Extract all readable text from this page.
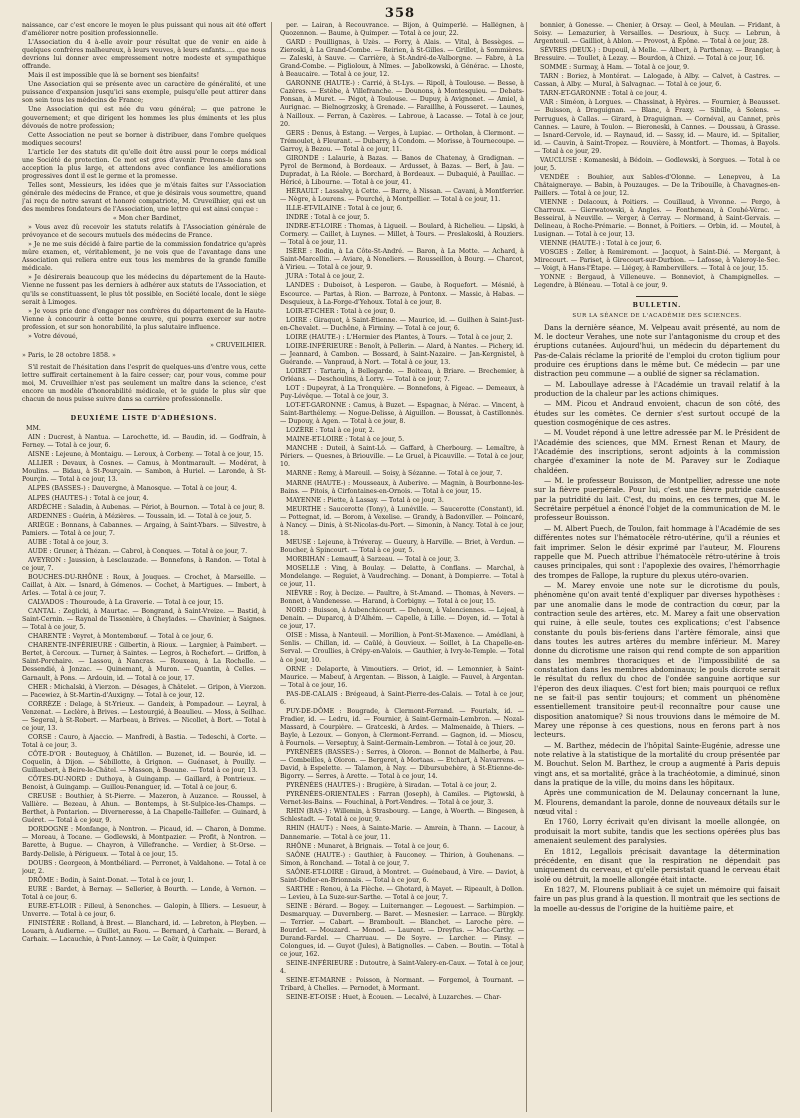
358

naissance, car c'est encore le moyen le plus puissant qui nous ait été offert d'améliorer notre position professionnelle.

L'Association du 4 à-elle avoir pour résultat que de venir en aide à quelques confrères malheureux, à leurs veuves, à leurs enfants..... que nous devrions lui donner avec empressement notre modeste et sympathique offrande.

Mais il est impossible que là se bornent ses bienfaits!

Une Association qui se présente avec un caractère de généralité, et une puissance d'expansion jusqu'ici sans exemple, puisqu'elle peut attirer dans son sein tous les médecins de France;

Une Association qui est née du vœu général; — que patrone le gouvernement; et que dirigent les hommes les plus éminents et les plus dévoués de notre profession;

Cette Association ne peut se borner à distribuer, dans l'ombre quelques modiques secours!

L'article 1er des statuts dit qu'elle doit être aussi pour le corps médical une Société de protection. Ce mot est gros d'avenir. Prenons-le dans son acception la plus large, et attendons avec confiance les améliorations progressives dont il est le germe et la promesse.

Telles sont, Messieurs, les idées que je m'étais faites sur l'Association générale des médecins de France, et que je désirais vous soumettre, quand j'ai reçu de notre savant et honoré compatriote, M. Cruveilhier, qui est un des membres fondateurs de l'Association, une lettre qui est ainsi conçue :

« Mon cher Bardinet,

» Vous avez dû recevoir les statuts relatifs à l'Association générale de prévoyance et de secours mutuels des médecins de France.

» Je ne me suis décidé à faire partie de la commission fondatrice qu'après mûre examen, et, véritablement, je ne vois que de l'avantage dans une Association qui reliera entre eux tous les membres de la grande famille médicale.

» Je désirerais beaucoup que les médecins du département de la Haute-Vienne ne fussent pas les derniers à adhérer aux statuts de l'Association, et qu'ils se constituassent, le plus tôt possible, en Société locale, dont le siège serait à Limoges.

» Je vous prie donc d'engager nos confrères du département de la Haute-Vienne à concourir à cette bonne œuvre, qui pourra exercer sur notre profession, et sur son honorabilité, la plus salutaire influence.

» Votre dévoué,

» CRUVEILHIER.
» Paris, le 28 octobre 1858. »

S'il restait de l'hésitation dans l'esprit de quelques-uns d'entre vous, cette lettre suffirait certainement à la faire cesser; car, pour vous, comme pour moi, M. Cruveilhier n'est pas seulement un maître dans la science, c'est encore un modèle d'honorabilité médicale, et le guide le plus sûr que chacun de nous puisse suivre dans sa carrière professionnelle.

DEUXIÈME LISTE D'ADHÉSIONS.
MM.

AIN : Ducrest, à Nantua. — Larochette, id. — Baudin, id. — Godfrain, à Ferney. — Total à ce jour, 6.

AISNE : Lejeune, à Montaigu. — Leroux, à Corbeny. — Total à ce jour, 15.

ALLIER : Devaux, à Cosnes. — Camus, à Montmarault. — Modérat, à Moulins. — Bidau, à St-Pourçain. — Sambon, à Huriel. — Laronde, à St-Pourçin. — Total à ce jour, 13.

ALPES (BASSES-) : Dauvergne, à Manosque. — Total à ce jour, 4.

ALPES (HAUTES-) : Total à ce jour, 4.

ARDÈCHE : Saladin, à Aubenas. — Périot, à Bournon. — Total à ce jour, 8.

ARDENNES : Guérin, à Mézières. — Toussain, id. — Total à ce jour, 5.

ARIÈGE : Bonnans, à Cabannes. — Argaing, à Saint-Ybars. — Silvestre, à Pamiers. — Total à ce jour, 7.

AUBE : Total à ce jour, 3.

AUDE : Gruner, à Thézan. — Cabrol, à Conques. — Total à ce jour, 7.

AVEYRON : Jaussion, à Lesclauzade. — Bonnefons, à Randon. — Total à ce jour, 7.

BOUCHES-DU-RHÔNE : Roux, à Jouques. — Crochet, à Marseille. — Caillat, à Aix. — Isnard, à Gémenos. — Cochet, à Martigues. — Imbert, à Arles. — Total à ce jour, 7.

CALVADOS : Thouroude, à La Graverie. — Total à ce jour, 15.

CANTAL : Zeglicki, à Maurtac. — Bongrand, à Saint-Vreize. — Bastid, à Saint-Cernin. — Raynal de Tissonière, à Cheylades. — Chavinier, à Saignes. — Total à ce jour, 5.

CHARENTE : Veyret, à Montembœuf. — Total à ce jour, 6.

CHARENTE-INFÉRIEURE : Gilbertin, à Rioux. — Largnier, à Paimbert. — Bertet, à Cercoux. — Turner, à Saintes. — Legros, à Rochefort. — Griffon, à Saint-Porchaire. — Lassou, à Nancras. — Rouxeau, à La Rochelle. — Dessendié, à Jonzac. — Quinemant, à Muron. — Quantin, à Celles. — Garnault, à Pons. — Ardouin, id. — Total à ce jour, 17.

CHER : Michalski, à Vierzon. — Désages, à Châtelet. — Gripon, à Vierzon. — Pacewiez, à St-Martin-d'Auxigny. — Total à ce jour, 12.

CORRÈZE : Delage, à St-Yrieux. — Gandeix, à Pompadour. — Leyral, à Venzenat. — Leclère, à Brives. — Lestourgié, à Beaulieu. — Moss, à Seilhac. — Segeral, à St-Robert. — Marbeau, à Brives. — Nicollet, à Bort. — Total à ce jour, 13.

CORSE : Cauro, à Ajaccio. — Manfredi, à Bastia. — Tedeschi, à Corte. — Total à ce jour, 3.

CÔTE-D'OR : Bouteguoy, à Châtillon. — Buzenet, id. — Bourée, id. — Coquelin, à Dijon. — Sébillotte, à Grignon. — Guénaset, à Pouilly. — Guillaubert, à Beire-le-Châtel. — Masson, à Beaune. — Total à ce jour, 13.

CÔTES-DU-NORD : Duthoya, à Guingamp. — Gaillard, à Pontrieux. — Benoist, à Guingamp. — Guillou-Penanguer, id. — Total à ce jour, 6.

CREUSE : Bouthier, à St-Pierre. — Mazeron, à Auzance. — Roussel, à Vallière. — Bezeau, à Ahun. — Bontemps, à St-Sulpice-les-Champs. — Berthet, à Pontarion. — Diverneresse, à La Chapelle-Taillefer. — Guinard, à Guéret. — Total à ce jour, 9.

DORDOGNE : Monfange, à Nontron. — Picaud, id. — Charon, à Domme. — Moreau, à Tocane. — Godlewski, à Montpazier. — Profit, à Nontron. — Barette, à Bugue. — Chayron, à Villefranche. — Verdier, à St-Orse. — Bardy-Delisle, à Périgueux. — Total à ce jour, 15.

DOUBS : Georgeon, à Montbéliard. — Perronet, à Valdahone. — Total à ce jour, 2.

DRÔME : Bodin, à Saint-Donat. — Total à ce jour, 1.

EURE : Bardet, à Bernay. — Sellerier, à Bourth. — Londe, à Vernon. — Total à ce jour, 6.

EURE-ET-LOIR : Filleul, à Senonches. — Galopin, à Illiers. — Lesueur, à Unverre. — Total à ce jour, 6.

FINISTÈRE : Rolland, à Brest. — Blanchard, id. — Lebreton, à Pleyben. — Louarn, à Audierne. — Guillet, au Faou. — Bernard, à Carhaix. — Berard, à Carhaix. — Lacauchie, à Pont-Lannoy. — Le Caër, à Quimper.

per. — Lairan, à Recouvrance. — Bijon, à Quimperlé. — Hallégnen, à Quozennon. — Baume, à Quimper. — Total à ce jour, 22.

GARD : Pouillignas, à Uzès. — Forry, à Alais. — Vital, à Bessèges. — Zieroski, à La Grand-Combe. — Reirien, à St-Gilles. — Grillot, à Sommières. — Zaleski, à Sauve. — Carrière, à St-André-de-Valborgne. — Fabre, à La Grand-Combe. — Piglioloux, à Nîmes. — Jabolkowski, à Générac. — Lhoste, à Beaucaire. — Total à ce jour, 12.

GARONNE (HAUTE-) : Carrié, à St-Lys. — Ripoll, à Toulouse. — Besse, à Cazères. — Estèbe, à Villefranche. — Dounons, à Montesquieu. — Debats-Ponsan, à Muret. — Pégot, à Toulouse. — Dupuy, à Avignonet. — Amiel, à Aurignac. — Bielnogrzosky, à Grenade. — Faraillhe, à Fousseret. — Launes, à Nailloux. — Ferran, à Cazères. — Labroue, à Lacasse. — Total à ce jour, 20.

GERS : Denus, à Estang. — Verges, à Lupiac. — Ortholan, à Clermont. — Trémoulet, à Fleurant. — Dubarry, à Condom. — Morisse, à Tournecoupe. — Garroy, à Bezou. — Total à ce jour, 11.

GIRONDE : Lalaurie, à Bazas. — Banos de Chatenay, à Gradignan. — Pyrol de Bermond, à Bordeaux. — Ardusset, à Bazas. — Berl, à Jau. — Dupradat, à La Réole. — Borchard, à Bordeaux. — Dubaquié, à Pauillac. — Héricé, à Libourne. — Total à ce jour, 41.

HÉRAULT : Lassalvy, à Cette. — Barre, à Nissan. — Cavani, à Montferrier. — Nègre, à Lourens. — Pourché, à Montpellier. — Total à ce jour, 11.

ILLE-ET-VILAINE : Total à ce jour, 6.

INDRE : Total à ce jour, 5.

INDRE-ET-LOIRE : Thomas, à Ligueil. — Boulard, à Richelieu. — Lipski, à Cormery. — Caillet, à Luynes. — Millet, à Tours. — Preslakoski, à Rouziers. — Total à ce jour, 11.

ISÈRE : Rodin, à La Côte-St-André. — Baron, à La Motte. — Achard, à Saint-Marcellin. — Aviare, à Noneliers. — Rousseillon, à Bourg. — Charcot, à Virieu. — Total à ce jour, 9.

JURA : Total à ce jour, 2.

LANDES : Duboisot, à Lesperon. — Gaube, à Roquefort. — Mésnié, à Escource. — Partas, à Rion. — Barroze, à Pontonx. — Massic, à Habas. — Desquieux, à La-Forge-d'Yehoux. Total à ce jour, 8.

LOIR-ET-CHER : Total à ce jour, 0.

LOIRE : Giraquot, à Saint-Étienne. — Maurice, id. — Guilhen à Saint-Just-en-Chevalet. — Duchêne, à Firminy. — Total à ce jour, 6.

LOIRE (HAUTE-) : L'Hermier des Plantes, à Tours. — Total à ce jour, 2.

LOIRE-INFÉRIEURE : Benoît, à Pellerin. — Alard, à Nantes. — Pichery, id. — Jeannard, à Cambon. — Bossard, à Saint-Nazaire. — Jan-Kergnistel, à Guérande. — Vanpraud, à Nort. — Total à ce jour, 13.

LOIRET : Tartarin, à Bellegarde. — Boiteau, à Briare. — Brechemier, à Orléans. — Deschoulins, à Lorry. — Total à ce jour, 7.

LOT : Dupeyrat, à La Tronquière. — Bonnefons, à Figeac. — Demeaux, à Puy-Lévêque. — Total à ce jour, 3.

LOT-ET-GARONNE : Camus, à Buzet. — Espagnac, à Nérac. — Vincent, à Saint-Barthélemy. — Nogue-Delisse, à Aiguillon. — Boussat, à Castillonnès. — Dupouy, à Agen. — Total à ce jour, 8.

LOZÈRE : Total à ce jour, 2.

MAINE-ET-LOIRE : Total à ce jour, 5.

MANCHE : Duteil, à Saint-Lô. — Gaffard, à Cherbourg. — Lemaître, à Périers. — Quesnes, à Briouville. — Le Gruel, à Picauville. — Total à ce jour, 10.

MARNE : Remy, à Mareuil. — Soisy, à Sézanne. — Total à ce jour, 7.

MARNE (HAUTE-) : Mousseaux, à Auberive. — Magnin, à Bourbonne-les-Bains. — Pitois, à Cirfontaines-en-Ornois. — Total à ce jour, 15.

MAYENNE : Piette, à Lassay. — Total à ce jour, 3.

MEURTHE : Saucerotte (Tony), à Lunéville. — Saucerotte (Constant), id. — Pottegnat, id. — Borom, à Vexelise. — Grandy, à Badonviller. — Poincaré, à Nancy. — Dinis, à St-Nicolas-du-Port. — Simonin, à Nancy. Total à ce jour, 18.

MEUSE : Lejeune, à Tréveray. — Gueury, à Harville. — Briet, à Verdun. — Boucher, à Spincourt. — Total à ce jour, 5.

MORBIHAN : Lemauff, à Sarzeau. — Total à ce jour, 3.

MOSELLE : Vinq, à Boulay. — Delatte, à Conflans. — Marchal, à Mondelange. — Reguiet, à Vaudreching. — Donant, à Dompierre. — Total à ce jour, 11.

NIÈVRE : Roy, à Decize. — Paultre, à St-Amand. — Thomas, à Nevers. — Bonnet, à Vandenesse. — Harand, à Corbigny. — Total à ce jour, 15.

NORD : Buisson, à Aubenchicourt. — Dehoux, à Valenciennes. — Lejeal, à Denain. — Duparcq, à D'Alhém. — Capelle, à Lille. — Doyen, id. — Total à ce jour, 17.

OISE : Missa, à Nanteuil. — Morillion, à Pont-St-Maxence. — Amédlani, à Senlis. — Chillan, id. — Caülé, à Gouvieux. — Soillet, à La Chapelle-en-Serval. — Croullies, à Crépy-en-Valois. — Gauthier, à Ivry-le-Temple. — Total à ce jour, 10.

ORNE : Delaporte, à Vimoutiers. — Oriot, id. — Lemonnier, à Saint-Maurice. — Mabeuf, à Argentan. — Bisson, à Laigle. — Fauvel, à Argentan. — Total à ce jour, 16.

PAS-DE-CALAIS : Brégeaud, à Saint-Pierre-des-Calais. — Total à ce jour, 6.

PUY-DE-DÔME : Bougrade, à Clermont-Ferrand. — Fourialx, id. — Fradier, id. — Ledru, id. — Fournier, à Saint-Germain-Lembron. — Nozal-Massard, à Courpière. — Gratceski, à Ardes. — Malmenaide, à Thiers. — Bayle, à Lezoux. — Gonyon, à Clermont-Ferrand. — Gagnon, id. — Mioscu, à Fournols. — Verseptuy, à Saint-Germain-Lembron. — Total à ce jour, 20.

PYRÉNÉES (BASSES-) : Serres, à Oloron. — Bonnot de Malherbe, à Pau. — Combeilles, à Oloron. — Bergeret, à Mortaas. — Etchart, à Navarrens. — David, à Espelette. — Talamon, à Nay. — Dibursubehère, à St-Étienne-de-Bigorry. — Serres, à Arette. — Total à ce jour, 14.

PYRÉNÉES (HAUTES-) : Brugière, à Siradan. — Total à ce jour, 2.

PYRÉNÉES-ORIENTALES : Farran (Joseph), à Camiles. — Pigtowski, à Vernet-les-Bains. — Fouchinal, à Port-Vendres. — Total à ce jour, 3.

RHIN (BAS-) : Willemin, à Strasbourg. — Lange, à Woerth. — Bingesen, à Schlestadt. — Total à ce jour, 9.

RHIN (HAUT-) : Nees, à Sainte-Marie. — Amrein, à Thann. — Lacour, à Dannemarie. — Total à ce jour, 11.

RHÔNE : Munaret, à Brignais. — Total à ce jour, 6.

SAÔNE (HAUTE-) : Gauthier, à Fauconey. — Thirion, à Gouhenans. — Simon, à Ronchand. — Total à ce jour, 7.

SAÔNE-ET-LOIRE : Giraud, à Montret. — Guénebaud, à Vire. — Daviot, à Saint-Didier-en-Brionnais. — Total à ce jour, 6.

SARTHE : Renou, à La Flèche. — Ghotard, à Mayet. — Ripeault, à Dollon. — Levieu, à La Suze-sur-Sarthe. — Total à ce jour, 7.

SEINE : Bérard. — Bogey. — Luiternanger. — Legouest. — Sarhimpion. — Desmarquay. — Duvernberg. — Baret. — Mesnesier. — Larrace. — Bürgkly. — Terrier. — Cabart. — Bramboult. — Blanchet. — Laroche père. — Bourdet. — Mouzard. — Monod. — Laurent. — Dreyfus. — Mac-Carthy. — Durand-Fardel. — Charruau. — De Soyre. — Larcher. — Pinsy. — Colongues, id. — Guyot (Jules), à Batignolles. — Caben. — Boutin. — Total à ce jour, 162.

SEINE-INFÉRIEURE : Dutoutre, à Saint-Valery-en-Caux. — Total à ce jour, 4.

SEINE-ET-MARNE : Poisson, à Normant. — Forgemol, à Tournant. — Tribard, à Chelles. — Pernodet, à Mormant.

SEINE-ET-OISE : Huet, à Écouen. — Lecalvé, à Luzarches. — Char-

bonnier, à Gonesse. — Chenier, à Orsay. — Geol, à Meulan. — Fridant, à Soisy. — Lemazurier, à Versailles. — Desrioux, à Sucy. — Lebrun, à Argenteuil. — Gailliot, à Ablon. — Provost, à Épône. — Total à ce jour, 28.

SÈVRES (DEUX-) : Dupouil, à Melle. — Albert, à Parthenay. — Brangier, à Bressuire. — Toullet, à Lezay. — Bourdon, à Chizé. — Total à ce jour, 16.

SOMME : Surmay, à Ham. — Total à ce jour, 9.

TARN : Boriez, à Montérat. — Lalogade, à Alby. — Calvet, à Castres. — Cassan, à Alby. — Mural, à Salvagnac. — Total à ce jour, 6.

TARN-ET-GARONNE : Total à ce jour, 4.

VAR : Siméon, à Lorgues. — Chassinat, à Hyères. — Fournier, à Beausset. — Buisson, à Draguignan. — Blanc, à Fraxy. — Sibille, à Solens. — Perrugues, à Callas. — Girard, à Draguignan. — Cornéval, au Cannet, près Cannes. — Laure, à Toulon. — Bieroneski, à Cannes. — Doussau, à Grasse. — Isnard-Cervole, id. — Raynaud, id. — Sassy, id. — Maure, id. — Spitalier, id. — Cauvin, à Saint-Tropez. — Rouvière, à Montfort. — Thomas, à Bayols. — Total à ce jour, 29.

VAUCLUSE : Komaneski, à Bédoin. — Godlewski, à Sorgues. — Total à ce jour, 5.

VENDÉE : Bouhier, aux Sables-d'Olonne. — Lenepveu, à La Châtaigneraye. — Babin, à Pouzauges. — De la Tribouille, à Chavagnes-en-Paillers. — Total à ce jour, 12.

VIENNE : Delacoux, à Poitiers. — Couillaud, à Vivonne. — Pergo, à Charroux. — Gierwatowski, à Angles. — Fontheneau, à Couhé-Vérac. — Besseiral, à Neuville. — Verger, à Cerray. — Normand, à Saint-Gervais. — Delineau, à Roche-Prémarie. — Bonnet, à Poitiers. — Orbin, id. — Moutel, à Lusignan. — Total à ce jour, 13.

VIENNE (HAUTE-) : Total à ce jour, 6.

VOSGES : Zeller, à Remiremont. — Jacquot, à Saint-Dié. — Mergant, à Mirecourt. — Pariset, à Girecourt-sur-Durbion. — Lafosse, à Valeroy-le-Sec. — Voigt, à Hans-l'Étape. — Liégey, à Rambervillers. — Total à ce jour, 15.

YONNE : Bergaud, à Villeneuve. — Bonneviot, à Champignelles. — Legendre, à Bléneau. — Total à ce jour, 9.

BULLETIN.
SUR LA SÉANCE DE L'ACADÉMIE DES SCIENCES.

Dans la dernière séance, M. Velpeau avait présenté, au nom de M. le docteur Verahes, une note sur l'antagonisme du croup et des éruptions cutanées. Aujourd'hui, un médecin du département du Pas-de-Calais réclame la priorité de l'emploi du croton tiglium pour produire ces éruptions dans le même but. Ce médecin — par une distraction peu commune — a oublié de signer sa réclamation.

— M. Laboullaye adresse à l'Académie un travail relatif à la production de la chaleur par les actions chimiques.

— MM. Picou et Andraud envoient, chacun de son côté, des études sur les comètes. Ce dernier s'est surtout occupé de la question cosmogénique de ces astres.

— M. Voudet répond à une lettre adressée par M. le Président de l'Académie des sciences, que MM. Ernest Renan et Maury, de l'Académie des inscriptions, seront adjoints à la commission chargée d'examiner la note de M. Paravey sur le Zodiaque chaldéen.

— M. le professeur Bouisson, de Montpellier, adresse une note sur la fièvre puerpérale. Pour lui, c'est une fièvre putride causée par la putridité du lait. C'est, du moins, en ces termes, que M. le Secrétaire perpétuel a énoncé l'objet de la communication de M. le professeur Bouisson.

— M. Albert Puech, de Toulon, fait hommage à l'Académie de ses différentes notes sur l'hématocèle rétro-utérine, qu'il a réunies et fait imprimer. Selon le désir exprimé par l'auteur, M. Flourens rappelle que M. Puech attribue l'hématocèle rétro-utérine à trois causes principales, qui sont : l'apoplexie des ovaires, l'hémorrhagie des trompes de Fallope, la rupture du plexus utéro-ovarien.

— M. Marey envoie une note sur le dicrotisme du pouls, phénomène qu'on avait tenté d'expliquer par diverses hypothèses : par une anomalie dans le mode de contraction du cœur, par la contraction seule des artères, etc. M. Marey a fait une observation qui ruine, à elle seule, toutes ces explications; c'est l'absence constante du pouls bis-feriens dans l'artère fémorale, ainsi que dans toutes les autres artères du membre inférieur. M. Marey donne du dicrotisme une raison qui rend compte de son apparition dans les membres thoraciques et de l'impossibilité de sa constatation dans les membres abdominaux; le pouls dicrote serait le résultat du reflux du choc de l'ondée sanguine aortique sur l'éperon des deux iliaques. C'est fort bien; mais pourquoi ce reflux ne se fait-il pas sentir toujours; et comment un phénomène essentiellement transitoire peut-il reconnaître pour cause une disposition anatomique? Si nous trouvions dans le mémoire de M. Marey une réponse à ces questions, nous en ferons part à nos lecteurs.

— M. Barthez, médecin de l'hôpital Sainte-Eugénie, adresse une note relative à la statistique de la mortalité du croup présentée par M. Bouchut. Selon M. Barthez, le croup a augmenté à Paris depuis vingt ans, et sa mortalité, grâce à la trachéotomie, a diminué, sinon dans la pratique de la ville, du moins dans les hôpitaux.

Après une communication de M. Delaunay concernant la lune, M. Flourens, demandant la parole, donne de nouveaux détails sur le nœud vital :

En 1760, Lorry écrivait qu'en divisant la moelle allongée, on produisait la mort subite, tandis que les sections opérées plus bas amenaient seulement des paralysies.

En 1812, Legallois précisait davantage la détermination précédente, en disant que la respiration ne dépendait pas uniquement du cerveau, et qu'elle persistait quand le cerveau était isolé ou détruit, la moelle allongée était intacte.

En 1827, M. Flourens publiait à ce sujet un mémoire qui faisait faire un pas plus grand à la question. Il montrait que les sections de la moelle au-dessus de l'origine de la huitième paire, et
